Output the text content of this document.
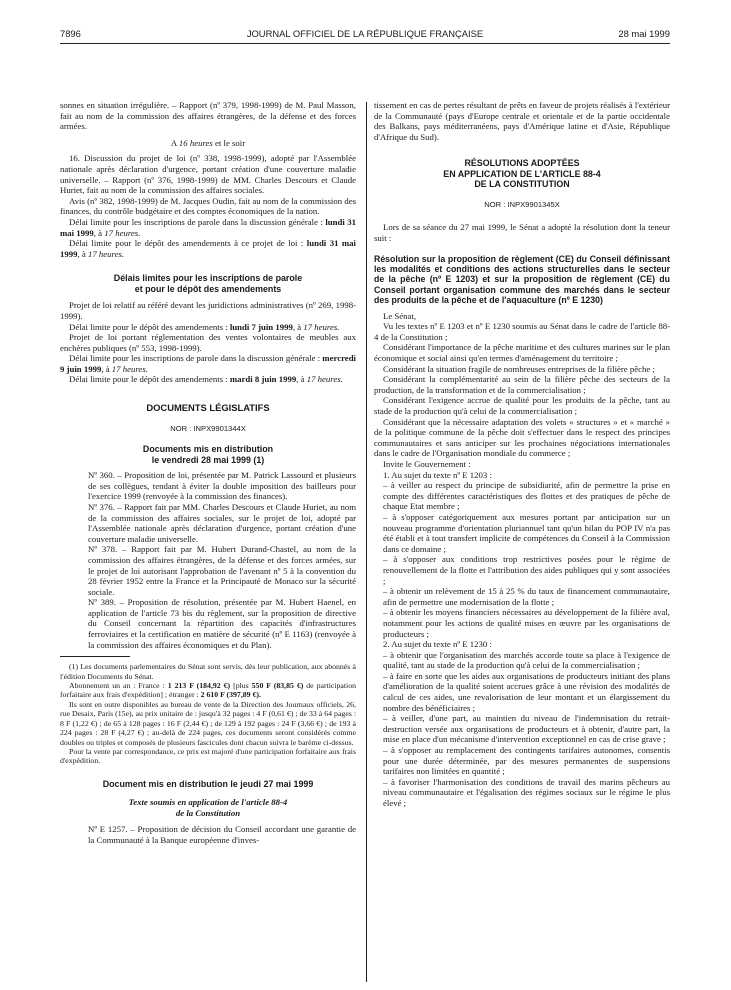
7896	JOURNAL OFFICIEL DE LA RÉPUBLIQUE FRANÇAISE	28 mai 1999

sonnes en situation irrégulière. – Rapport (nº 379, 1998-1999) de M. Paul Masson, fait au nom de la commission des affaires étrangères, de la défense et des forces armées.

A 16 heures et le soir

16. Discussion du projet de loi (nº 338, 1998-1999), adopté par l'Assemblée nationale après déclaration d'urgence, portant création d'une couverture maladie universelle. – Rapport (nº 376, 1998-1999) de MM. Charles Descours et Claude Huriet, fait au nom de la commission des affaires sociales.

Avis (nº 382, 1998-1999) de M. Jacques Oudin, fait au nom de la commission des finances, du contrôle budgétaire et des comptes économiques de la nation.

Délai limite pour les inscriptions de parole dans la discussion générale : lundi 31 mai 1999, à 17 heures.

Délai limite pour le dépôt des amendements à ce projet de loi : lundi 31 mai 1999, à 17 heures.

Délais limites pour les inscriptions de parole
et pour le dépôt des amendements

Projet de loi relatif au référé devant les juridictions administratives (nº 269, 1998-1999).

Délai limite pour le dépôt des amendements : lundi 7 juin 1999, à 17 heures.

Projet de loi portant réglementation des ventes volontaires de meubles aux enchères publiques (nº 553, 1998-1999).

Délai limite pour les inscriptions de parole dans la discussion générale : mercredi 9 juin 1999, à 17 heures.

Délai limite pour le dépôt des amendements : mardi 8 juin 1999, à 17 heures.

DOCUMENTS LÉGISLATIFS
NOR : INPX9901344X
Documents mis en distribution
le vendredi 28 mai 1999 (1)

Nº 360. – Proposition de loi, présentée par M. Patrick Lassourd et plusieurs de ses collègues, tendant à éviter la double imposition des bailleurs pour l'exercice 1999 (renvoyée à la commission des finances).

Nº 376. – Rapport fait par MM. Charles Descours et Claude Huriet, au nom de la commission des affaires sociales, sur le projet de loi, adopté par l'Assemblée nationale après déclaration d'urgence, portant création d'une couverture maladie universelle.

Nº 378. – Rapport fait par M. Hubert Durand-Chastel, au nom de la commission des affaires étrangères, de la défense et des forces armées, sur le projet de loi autorisant l'approbation de l'avenant nº 5 à la convention du 28 février 1952 entre la France et la Principauté de Monaco sur la sécurité sociale.

Nº 389. – Proposition de résolution, présentée par M. Hubert Haenel, en application de l'article 73 bis du règlement, sur la proposition de directive du Conseil concernant la répartition des capacités d'infrastructures ferroviaires et la certification en matière de sécurité (nº E 1163) (renvoyée à la commission des affaires économiques et du Plan).

(1) Les documents parlementaires du Sénat sont servis, dès leur publication, aux abonnés à l'édition Documents du Sénat.

Abonnement un an : France : 1 213 F (184,92 €) [plus 550 F (83,85 €) de participation forfaitaire aux frais d'expédition] ; étranger : 2 610 F (397,89 €).

Ils sont en outre disponibles au bureau de vente de la Direction des Journaux officiels, 26, rue Desaix, Paris (15e), au prix unitaire de : jusqu'à 32 pages : 4 F (0,61 €) ; de 33 à 64 pages : 8 F (1,22 €) ; de 65 à 128 pages : 16 F (2,44 €) ; de 129 à 192 pages : 24 F (3,66 €) ; de 193 à 224 pages : 28 F (4,27 €) ; au-delà de 224 pages, ces documents seront considérés comme doubles ou triples et composés de plusieurs fascicules dont chacun suivra le barème ci-dessus.

Pour la vente par correspondance, ce prix est majoré d'une participation forfaitaire aux frais d'expédition.

Document mis en distribution le jeudi 27 mai 1999
Texte soumis en application de l'article 88-4
de la Constitution

Nº E 1257. – Proposition de décision du Conseil accordant une garantie de la Communauté à la Banque européenne d'inves-

tissement en cas de pertes résultant de prêts en faveur de projets réalisés à l'extérieur de la Communauté (pays d'Europe centrale et orientale et de la partie occidentale des Balkans, pays méditerranéens, pays d'Amérique latine et d'Asie, République d'Afrique du Sud).

RÉSOLUTIONS ADOPTÉES
EN APPLICATION DE L'ARTICLE 88-4
DE LA CONSTITUTION
NOR : INPX9901345X

Lors de sa séance du 27 mai 1999, le Sénat a adopté la résolution dont la teneur suit :

Résolution sur la proposition de règlement (CE) du Conseil définissant les modalités et conditions des actions structurelles dans le secteur de la pêche (nº E 1203) et sur la proposition de règlement (CE) du Conseil portant organisation commune des marchés dans le secteur des produits de la pêche et de l'aquaculture (nº E 1230)

Le Sénat,

Vu les textes nº E 1203 et nº E 1230 soumis au Sénat dans le cadre de l'article 88-4 de la Constitution ;

Considérant l'importance de la pêche maritime et des cultures marines sur le plan économique et social ainsi qu'en termes d'aménagement du territoire ;

Considérant la situation fragile de nombreuses entreprises de la filière pêche ;

Considérant la complémentarité au sein de la filière pêche des secteurs de la production, de la transformation et de la commercialisation ;

Considérant l'exigence accrue de qualité pour les produits de la pêche, tant au stade de la production qu'à celui de la commercialisation ;

Considérant que la nécessaire adaptation des volets « structures » et « marché » de la politique commune de la pêche doit s'effectuer dans le respect des principes communautaires et sans anticiper sur les prochaines négociations internationales dans le cadre de l'Organisation mondiale du commerce ;

Invite le Gouvernement :

1. Au sujet du texte nº E 1203 :

– à veiller au respect du principe de subsidiarité, afin de permettre la prise en compte des différentes caractéristiques des flottes et des pratiques de pêche de chaque Etat membre ;

– à s'opposer catégoriquement aux mesures portant par anticipation sur un nouveau programme d'orientation pluriannuel tant qu'un bilan du POP IV n'a pas été établi et à tout transfert implicite de compétences du Conseil à la Commission dans ce domaine ;

– à s'opposer aux conditions trop restrictives posées pour le régime de renouvellement de la flotte et l'attribution des aides publiques qui y sont associées ;

– à obtenir un relèvement de 15 à 25 % du taux de financement communautaire, afin de permettre une modernisation de la flotte ;

– à obtenir les moyens financiers nécessaires au développement de la filière aval, notamment pour les actions de qualité mises en œuvre par les organisations de producteurs ;

2. Au sujet du texte nº E 1230 :

– à obtenir que l'organisation des marchés accorde toute sa place à l'exigence de qualité, tant au stade de la production qu'à celui de la commercialisation ;

– à faire en sorte que les aides aux organisations de producteurs initiant des plans d'amélioration de la qualité soient accrues grâce à une révision des modalités de calcul de ces aides, une revalorisation de leur montant et un élargissement du nombre des bénéficiaires ;

– à veiller, d'une part, au maintien du niveau de l'indemnisation du retrait-destruction versée aux organisations de producteurs et à obtenir, d'autre part, la mise en place d'un mécanisme d'intervention exceptionnel en cas de crise grave ;

– à s'opposer au remplacement des contingents tarifaires autonomes, consentis pour une durée déterminée, par des mesures permanentes de suspensions tarifaires non limitées en quantité ;

– à favoriser l'harmonisation des conditions de travail des marins pêcheurs au niveau communautaire et l'égalisation des régimes sociaux sur le régime le plus élevé ;
